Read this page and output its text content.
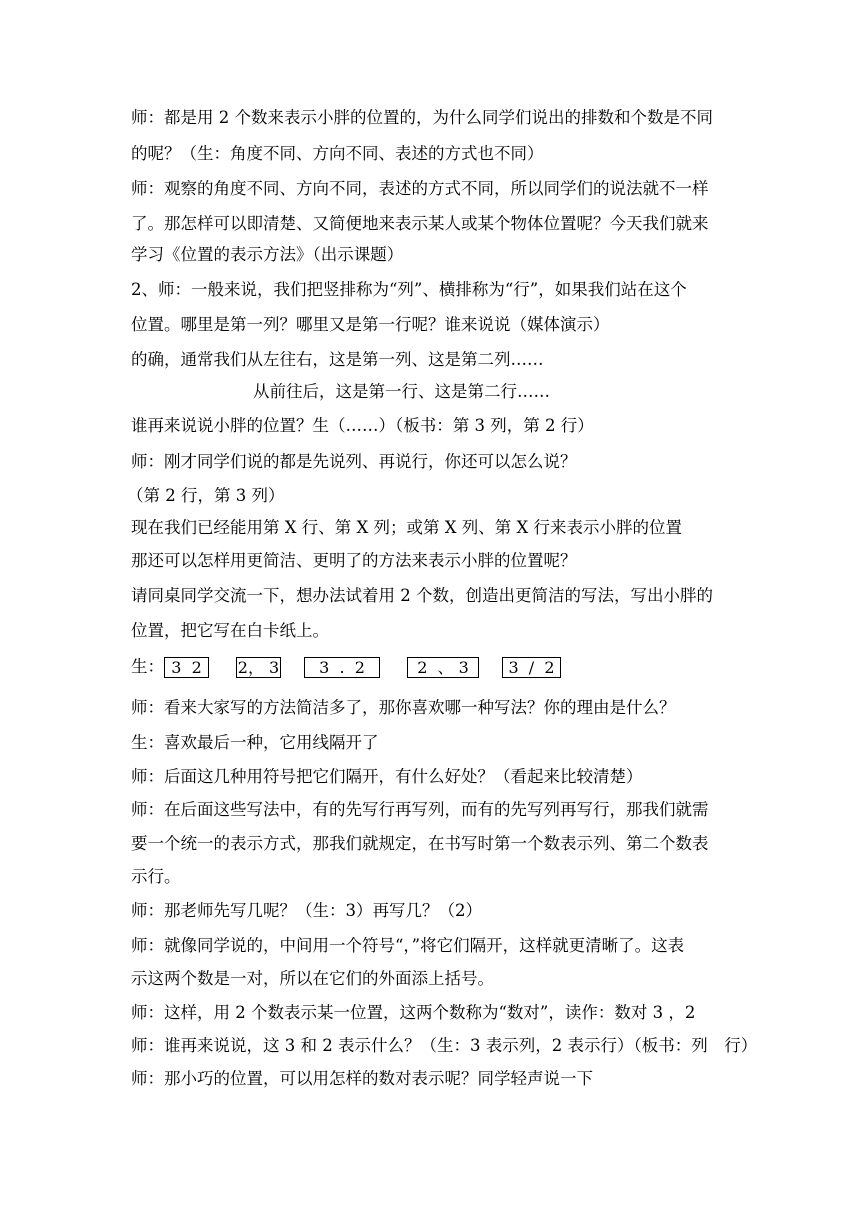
师：都是用 2 个数来表示小胖的位置的，为什么同学们说出的排数和个数是不同
的呢？（生：角度不同、方向不同、表述的方式也不同）
师：观察的角度不同、方向不同，表述的方式不同，所以同学们的说法就不一样
了。那怎样可以即清楚、又简便地来表示某人或某个物体位置呢？今天我们就来
学习《位置的表示方法》（出示课题）
2、师：一般来说，我们把竖排称为“列”、横排称为“行”，如果我们站在这个
位置。哪里是第一列？哪里又是第一行呢？谁来说说（媒体演示）
的确，通常我们从左往右，这是第一列、这是第二列……
从前往后，这是第一行、这是第二行……
谁再来说说小胖的位置？生（……）（板书：第 3 列，第 2 行）
师：刚才同学们说的都是先说列、再说行，你还可以怎么说？
（第 2 行，第 3 列）
现在我们已经能用第 X 行、第 X 列；或第 X 列、第 X 行来表示小胖的位置
那还可以怎样用更简洁、更明了的方法来表示小胖的位置呢？
请同桌同学交流一下，想办法试着用 2 个数，创造出更简洁的写法，写出小胖的
位置，把它写在白卡纸上。
生： 3  2	2， 3	3  .  2	2  、 3	3  /  2
师：看来大家写的方法简洁多了，那你喜欢哪一种写法？你的理由是什么？
生：喜欢最后一种，它用线隔开了
师：后面这几种用符号把它们隔开，有什么好处？（看起来比较清楚）
师：在后面这些写法中，有的先写行再写列，而有的先写列再写行，那我们就需
要一个统一的表示方式，那我们就规定，在书写时第一个数表示列、第二个数表
示行。
师：那老师先写几呢？（生：3）再写几？（2）
师：就像同学说的，中间用一个符号“，”将它们隔开，这样就更清晰了。这表
示这两个数是一对，所以在它们的外面添上括号。
师：这样，用 2 个数表示某一位置，这两个数称为“数对”，读作：数对 3 ，2
师：谁再来说说，这 3 和 2 表示什么？（生：3 表示列，2 表示行）（板书：列　行）
师：那小巧的位置，可以用怎样的数对表示呢？同学轻声说一下
